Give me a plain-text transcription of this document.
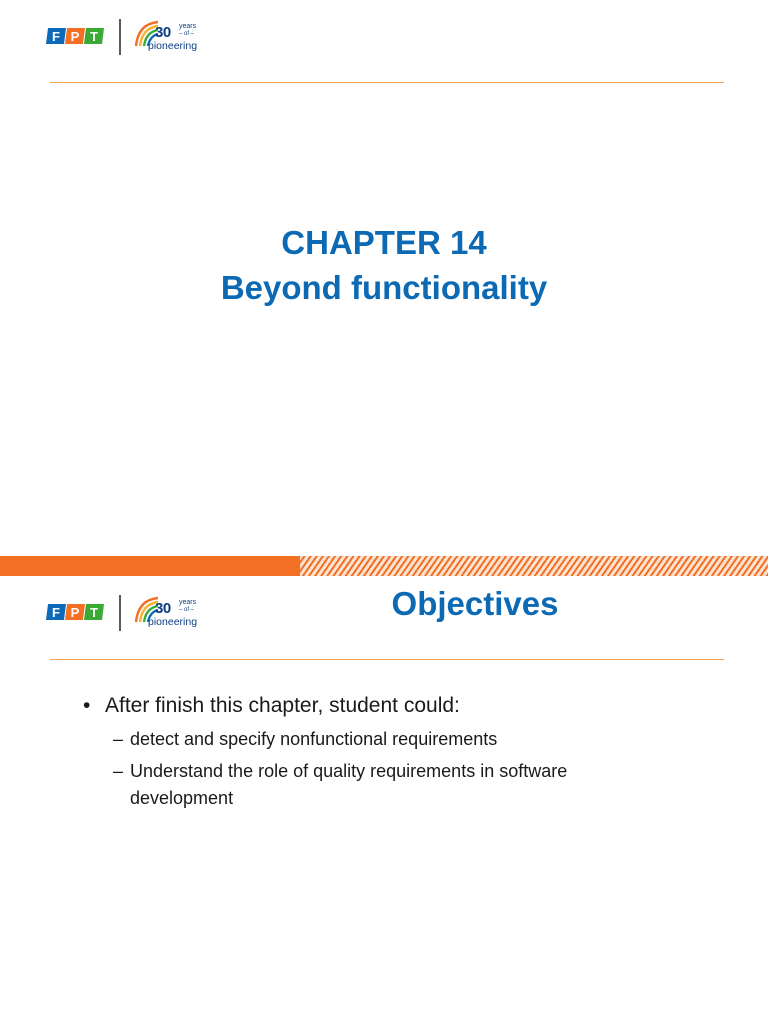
F P T	30 years
– of –
pioneering
CHAPTER 14
Beyond functionality
F P T	30 years
– of –
pioneering	Objectives
• After finish this chapter, student could:
– detect and specify nonfunctional requirements
– Understand the role of quality requirements in software development
